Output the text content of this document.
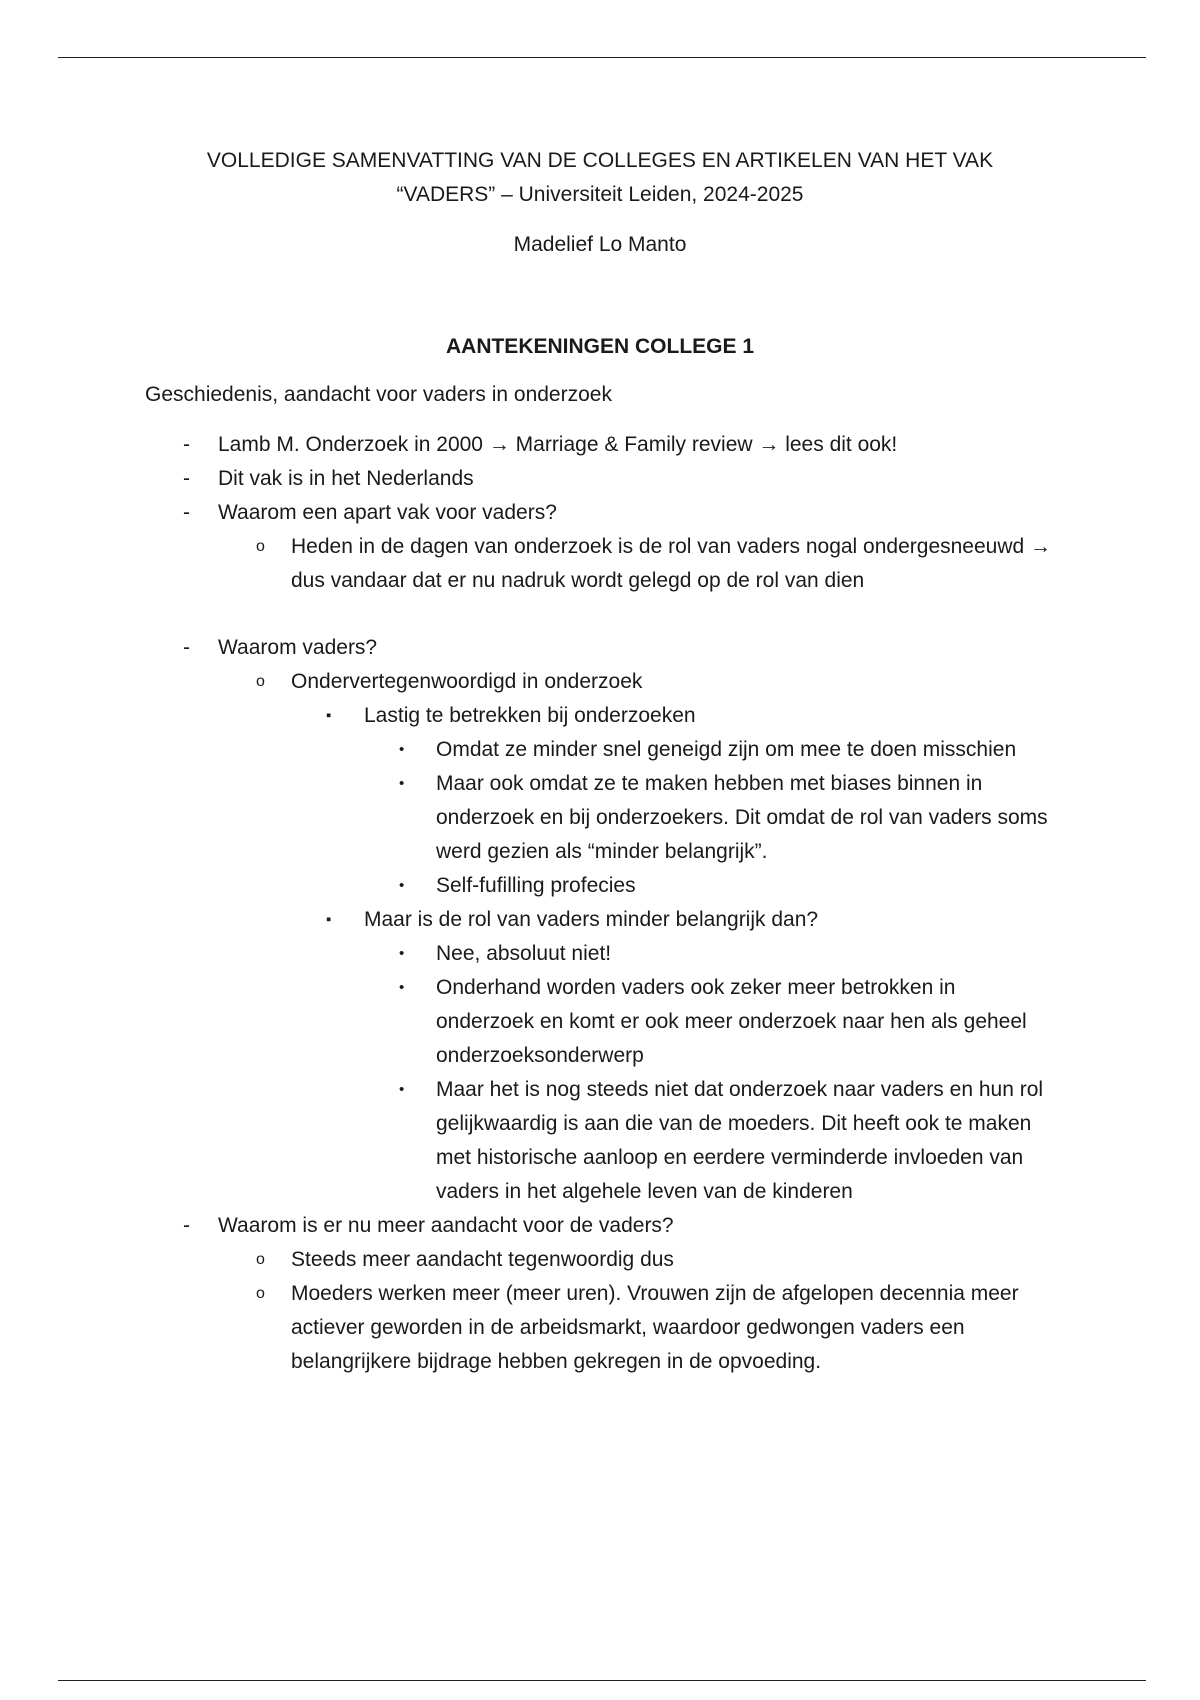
VOLLEDIGE SAMENVATTING VAN DE COLLEGES EN ARTIKELEN VAN HET VAK
“VADERS” – Universiteit Leiden, 2024-2025
Madelief Lo Manto
AANTEKENINGEN COLLEGE 1
Geschiedenis, aandacht voor vaders in onderzoek
- Lamb M. Onderzoek in 2000 → Marriage & Family review → lees dit ook!
- Dit vak is in het Nederlands
- Waarom een apart vak voor vaders?
o Heden in de dagen van onderzoek is de rol van vaders nogal ondergesneeuwd → dus vandaar dat er nu nadruk wordt gelegd op de rol van dien
- Waarom vaders?
o Ondervertegenwoordigd in onderzoek
▪ Lastig te betrekken bij onderzoeken
• Omdat ze minder snel geneigd zijn om mee te doen misschien
• Maar ook omdat ze te maken hebben met biases binnen in onderzoek en bij onderzoekers. Dit omdat de rol van vaders soms werd gezien als “minder belangrijk”.
• Self-fufilling profecies
▪ Maar is de rol van vaders minder belangrijk dan?
• Nee, absoluut niet!
• Onderhand worden vaders ook zeker meer betrokken in onderzoek en komt er ook meer onderzoek naar hen als geheel onderzoeksonderwerp
• Maar het is nog steeds niet dat onderzoek naar vaders en hun rol gelijkwaardig is aan die van de moeders. Dit heeft ook te maken met historische aanloop en eerdere verminderde invloeden van vaders in het algehele leven van de kinderen
- Waarom is er nu meer aandacht voor de vaders?
o Steeds meer aandacht tegenwoordig dus
o Moeders werken meer (meer uren). Vrouwen zijn de afgelopen decennia meer actiever geworden in de arbeidsmarkt, waardoor gedwongen vaders een belangrijkere bijdrage hebben gekregen in de opvoeding.
